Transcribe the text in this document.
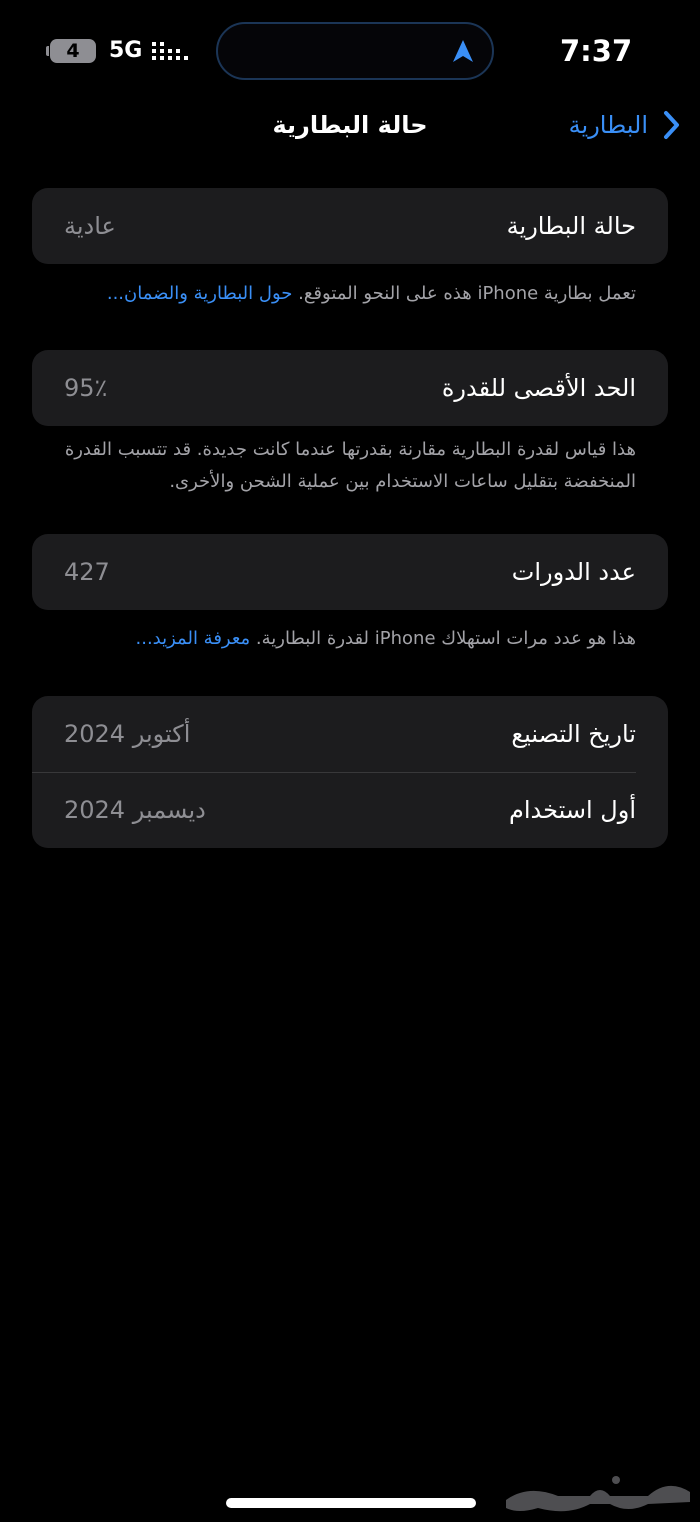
4	5G	7:37
البطارية
حالة البطارية
حالة البطارية
عادية
تعمل بطارية iPhone هذه على النحو المتوقع. حول البطارية والضمان...
الحد الأقصى للقدرة
95٪
هذا قياس لقدرة البطارية مقارنة بقدرتها عندما كانت جديدة. قد تتسبب القدرة المنخفضة بتقليل ساعات الاستخدام بين عملية الشحن والأخرى.
عدد الدورات
427
هذا هو عدد مرات استهلاك iPhone لقدرة البطارية. معرفة المزيد...
تاريخ التصنيع
أكتوبر 2024
أول استخدام
ديسمبر 2024
